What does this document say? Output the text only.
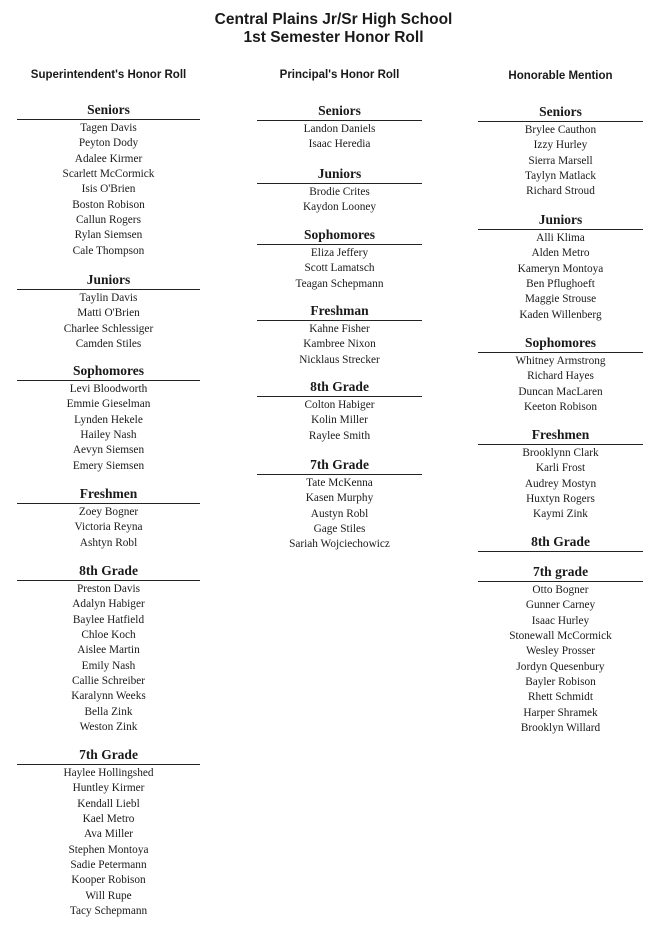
Central Plains Jr/Sr High School
1st Semester Honor Roll
Superintendent's Honor Roll
Seniors
Tagen Davis
Peyton Dody
Adalee Kirmer
Scarlett McCormick
Isis O'Brien
Boston Robison
Callun Rogers
Rylan Siemsen
Cale Thompson
Juniors
Taylin Davis
Matti O'Brien
Charlee Schlessiger
Camden Stiles
Sophomores
Levi Bloodworth
Emmie Gieselman
Lynden Hekele
Hailey Nash
Aevyn Siemsen
Emery Siemsen
Freshmen
Zoey Bogner
Victoria Reyna
Ashtyn Robl
8th Grade
Preston Davis
Adalyn Habiger
Baylee Hatfield
Chloe Koch
Aislee Martin
Emily Nash
Callie Schreiber
Karalynn Weeks
Bella Zink
Weston Zink
7th Grade
Haylee Hollingshed
Huntley Kirmer
Kendall Liebl
Kael Metro
Ava Miller
Stephen Montoya
Sadie Petermann
Kooper Robison
Will Rupe
Tacy Schepmann
Principal's Honor Roll
Seniors
Landon Daniels
Isaac Heredia
Juniors
Brodie Crites
Kaydon Looney
Sophomores
Eliza Jeffery
Scott Lamatsch
Teagan Schepmann
Freshman
Kahne Fisher
Kambree Nixon
Nicklaus Strecker
8th Grade
Colton Habiger
Kolin Miller
Raylee Smith
7th Grade
Tate McKenna
Kasen Murphy
Austyn Robl
Gage Stiles
Sariah Wojciechowicz
Honorable Mention
Seniors
Brylee Cauthon
Izzy Hurley
Sierra Marsell
Taylyn Matlack
Richard Stroud
Juniors
Alli Klima
Alden Metro
Kameryn Montoya
Ben Pflughoeft
Maggie Strouse
Kaden Willenberg
Sophomores
Whitney Armstrong
Richard Hayes
Duncan MacLaren
Keeton Robison
Freshmen
Brooklynn Clark
Karli Frost
Audrey Mostyn
Huxtyn Rogers
Kaymi Zink
8th Grade
7th grade
Otto Bogner
Gunner Carney
Isaac Hurley
Stonewall McCormick
Wesley Prosser
Jordyn Quesenbury
Bayler Robison
Rhett Schmidt
Harper Shramek
Brooklyn Willard
